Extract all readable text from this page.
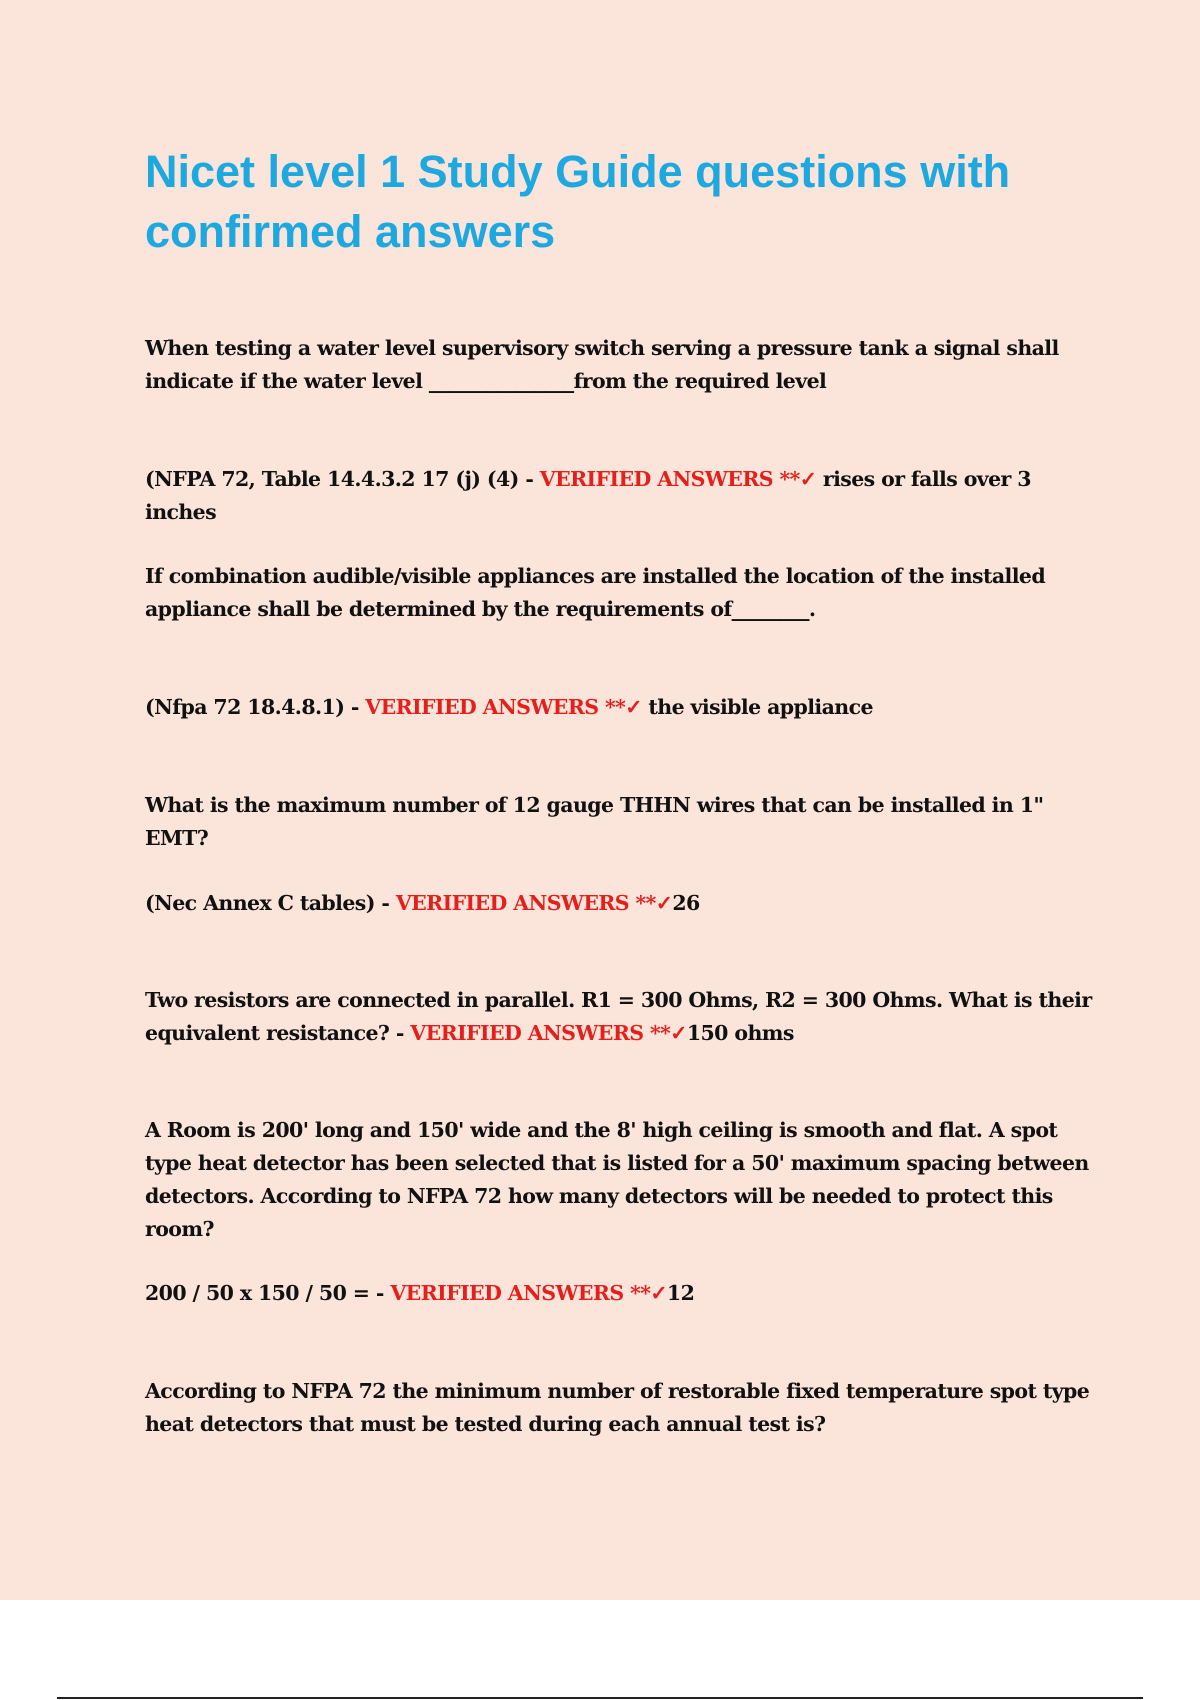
Nicet level 1 Study Guide questions with confirmed answers

When testing a water level supervisory switch serving a pressure tank a signal shall indicate if the water level _______________from the required level

(NFPA 72, Table 14.4.3.2 17 (j) (4) - VERIFIED ANSWERS **✓ rises or falls over 3 inches

If combination audible/visible appliances are installed the location of the installed appliance shall be determined by the requirements of________.

(Nfpa 72 18.4.8.1) - VERIFIED ANSWERS **✓ the visible appliance

What is the maximum number of 12 gauge THHN wires that can be installed in 1" EMT?

(Nec Annex C tables) - VERIFIED ANSWERS **✓26

Two resistors are connected in parallel. R1 = 300 Ohms, R2 = 300 Ohms. What is their equivalent resistance? - VERIFIED ANSWERS **✓150 ohms

A Room is 200' long and 150' wide and the 8' high ceiling is smooth and flat. A spot type heat detector has been selected that is listed for a 50' maximum spacing between detectors. According to NFPA 72 how many detectors will be needed to protect this room?

200 / 50 x 150 / 50 = - VERIFIED ANSWERS **✓12

According to NFPA 72 the minimum number of restorable fixed temperature spot type heat detectors that must be tested during each annual test is?
